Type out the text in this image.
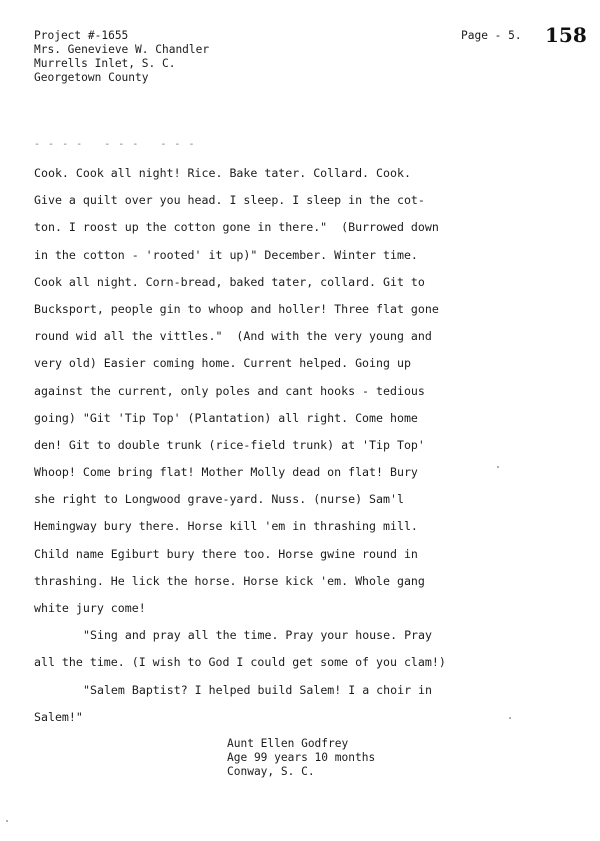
Project #-1655
Mrs. Genevieve W. Chandler
Murrells Inlet, S. C.
Georgetown County
Page - 5. 158
- - - -   - - -   - - -
Cook. Cook all night! Rice. Bake tater. Collard. Cook.
Give a quilt over you head. I sleep. I sleep in the cot-
ton. I roost up the cotton gone in there."  (Burrowed down
in the cotton - 'rooted' it up)" December. Winter time.
Cook all night. Corn-bread, baked tater, collard. Git to
Bucksport, people gin to whoop and holler! Three flat gone
round wid all the vittles."  (And with the very young and
very old) Easier coming home. Current helped. Going up
against the current, only poles and cant hooks - tedious
going) "Git 'Tip Top' (Plantation) all right. Come home
den! Git to double trunk (rice-field trunk) at 'Tip Top'
Whoop! Come bring flat! Mother Molly dead on flat! Bury
she right to Longwood grave-yard. Nuss. (nurse) Sam'l
Hemingway bury there. Horse kill 'em in thrashing mill.
Child name Egiburt bury there too. Horse gwine round in
thrashing. He lick the horse. Horse kick 'em. Whole gang
white jury come!
"Sing and pray all the time. Pray your house. Pray
all the time. (I wish to God I could get some of you clam!)
"Salem Baptist? I helped build Salem! I a choir in
Salem!"
Aunt Ellen Godfrey
Age 99 years 10 months
Conway, S. C.
